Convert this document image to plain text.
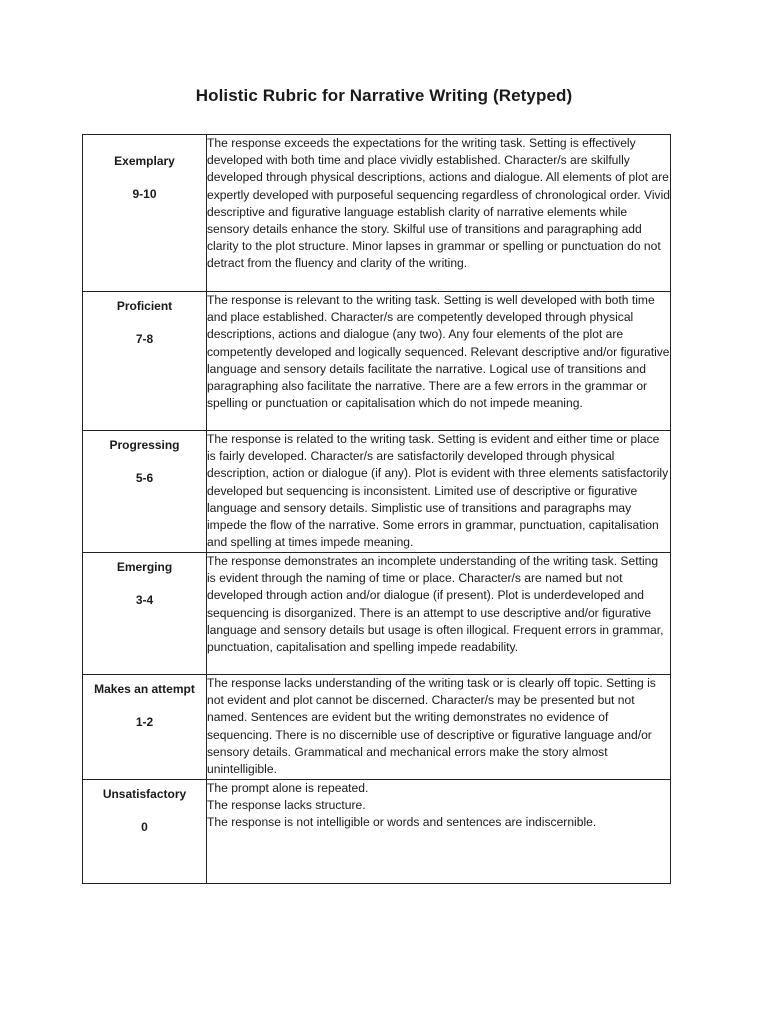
Holistic Rubric for Narrative Writing (Retyped)
Exemplary
9-10	The response exceeds the expectations for the writing task. Setting is effectively developed with both time and place vividly established. Character/s are skilfully developed through physical descriptions, actions and dialogue. All elements of plot are expertly developed with purposeful sequencing regardless of chronological order. Vivid descriptive and figurative language establish clarity of narrative elements while sensory details enhance the story. Skilful use of transitions and paragraphing add clarity to the plot structure. Minor lapses in grammar or spelling or punctuation do not detract from the fluency and clarity of the writing.

Proficient
7-8	The response is relevant to the writing task. Setting is well developed with both time and place established. Character/s are competently developed through physical descriptions, actions and dialogue (any two). Any four elements of the plot are competently developed and logically sequenced. Relevant descriptive and/or figurative language and sensory details facilitate the narrative. Logical use of transitions and paragraphing also facilitate the narrative. There are a few errors in the grammar or spelling or punctuation or capitalisation which do not impede meaning.

Progressing
5-6	The response is related to the writing task. Setting is evident and either time or place is fairly developed. Character/s are satisfactorily developed through physical description, action or dialogue (if any). Plot is evident with three elements satisfactorily developed but sequencing is inconsistent. Limited use of descriptive or figurative language and sensory details. Simplistic use of transitions and paragraphs may impede the flow of the narrative. Some errors in grammar, punctuation, capitalisation and spelling at times impede meaning.

Emerging
3-4	The response demonstrates an incomplete understanding of the writing task. Setting is evident through the naming of time or place. Character/s are named but not developed through action and/or dialogue (if present). Plot is underdeveloped and sequencing is disorganized. There is an attempt to use descriptive and/or figurative language and sensory details but usage is often illogical. Frequent errors in grammar, punctuation, capitalisation and spelling impede readability.

Makes an attempt
1-2	The response lacks understanding of the writing task or is clearly off topic. Setting is not evident and plot cannot be discerned. Character/s may be presented but not named. Sentences are evident but the writing demonstrates no evidence of sequencing. There is no discernible use of descriptive or figurative language and/or sensory details. Grammatical and mechanical errors make the story almost unintelligible.

Unsatisfactory
0	The prompt alone is repeated.
The response lacks structure.
The response is not intelligible or words and sentences are indiscernible.
